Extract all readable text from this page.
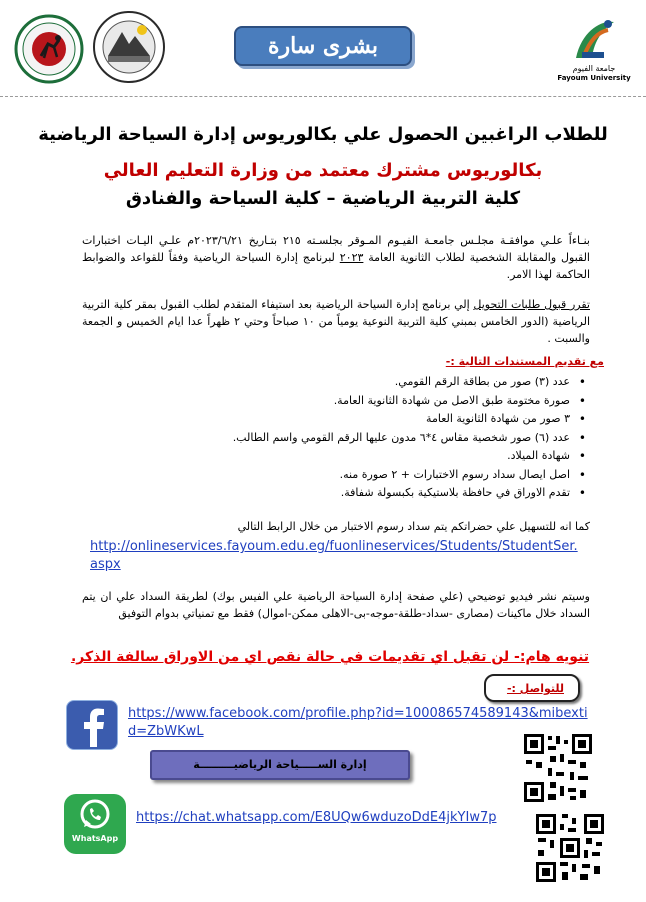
جامعة الفيوم
Fayoum University
بشرى سارة
للطلاب الراغبين الحصول علي بكالوريوس إدارة السياحة الرياضية
بكالوريوس مشترك معتمد من وزارة التعليم العالي
كلية التربية الرياضية – كلية السياحة والفنادق
بنـاءاً علـي موافقـة مجلـس جامعـة الفيـوم المـوقر بجلسـته ٢١٥ بتـاريخ ٢٠٢٣/٦/٢١م علـي اليـات اختبارات القبول والمقابلة الشخصية لطلاب الثانوية العامة ٢٠٢٣ لبرنامج إدارة السياحة الرياضية وفقاً للقواعد والضوابط الحاكمة لهذا الامر.
تقرر قبول طلبات التحويل إلي برنامج إدارة السياحة الرياضية بعد استيفاء المتقدم لطلب القبول بمقر كلية التربية الرياضية (الدور الخامس بمبني كلية التربية النوعية يومياً من ١٠ صباحاً وحتي ٢ ظهراً عدا ايام الخميس و الجمعة والسبت .
مع تقديم المستندات التالية :-
• عدد (٣) صور من بطاقة الرقم القومي.
• صورة مختومة طبق الاصل من شهادة الثانوية العامة.
• ٣ صور من شهادة الثانوية العامة
• عدد (٦) صور شخصية مقاس ٤*٦ مدون عليها الرقم القومي واسم الطالب.
• شهادة الميلاد.
• اصل ايصال سداد رسوم الاختبارات + ٢ صورة منه.
• تقدم الاوراق في حافظة بلاستيكية بكبسولة شفافة.
كما انه للتسهيل علي حضراتكم يتم سداد رسوم الاختبار من خلال الرابط التالي
http://onlineservices.fayoum.edu.eg/fuonlineservices/Students/StudentSer.aspx
وسيتم نشر فيديو توضيحي (علي صفحة إدارة السياحة الرياضية علي الفيس بوك) لطريقة السداد علي ان يتم السداد خلال ماكينات (مصارى -سداد-طلقة-موجه-بى-الاهلى ممكن-اموال) فقط مع تمنياتي بدوام التوفيق
تنويه هام:- لن تقبل اي تقديمات في حالة نقص اي من الاوراق سالفة الذكر.
للتواصل :-
https://www.facebook.com/profile.php?id=100086574589143&mibextid=ZbWKwL
إدارة الســـــياحة الرياضيـــــــــة
WhatsApp
https://chat.whatsapp.com/E8UQw6wduzoDdE4jkYIw7p
